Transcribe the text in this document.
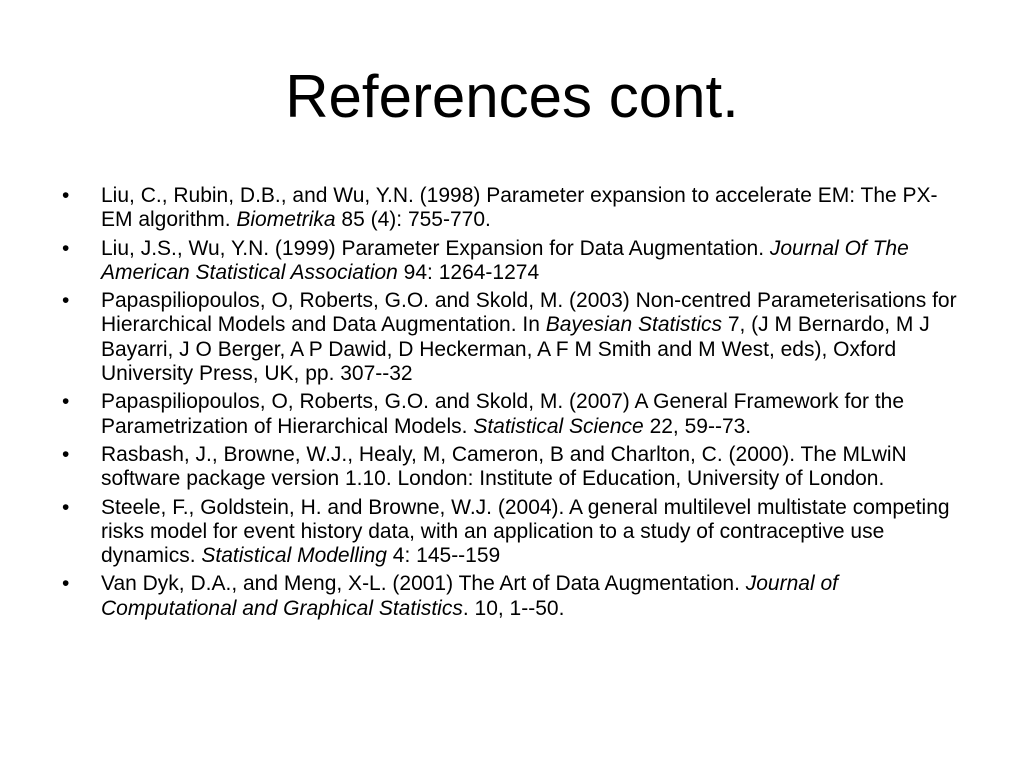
References cont.
•	Liu, C., Rubin, D.B., and Wu, Y.N. (1998) Parameter expansion to accelerate EM: The PX-EM algorithm. Biometrika 85 (4): 755-770.
•	Liu, J.S., Wu, Y.N. (1999) Parameter Expansion for Data Augmentation. Journal Of The American Statistical Association 94: 1264-1274
•	Papaspiliopoulos, O, Roberts, G.O. and Skold, M. (2003) Non-centred Parameterisations for Hierarchical Models and Data Augmentation. In Bayesian Statistics 7, (J M Bernardo, M J Bayarri, J O Berger, A P Dawid, D Heckerman, A F M Smith and M West, eds), Oxford University Press, UK, pp. 307--32
•	Papaspiliopoulos, O, Roberts, G.O. and Skold, M. (2007) A General Framework for the Parametrization of Hierarchical Models. Statistical Science 22, 59--73.
•	Rasbash, J., Browne, W.J., Healy, M, Cameron, B and Charlton, C. (2000). The MLwiN software package version 1.10. London: Institute of Education, University of London.
•	Steele, F., Goldstein, H. and Browne, W.J. (2004). A general multilevel multistate competing risks model for event history data, with an application to a study of contraceptive use dynamics. Statistical Modelling 4: 145--159
•	Van Dyk, D.A., and Meng, X-L. (2001) The Art of Data Augmentation. Journal of Computational and Graphical Statistics. 10, 1--50.
